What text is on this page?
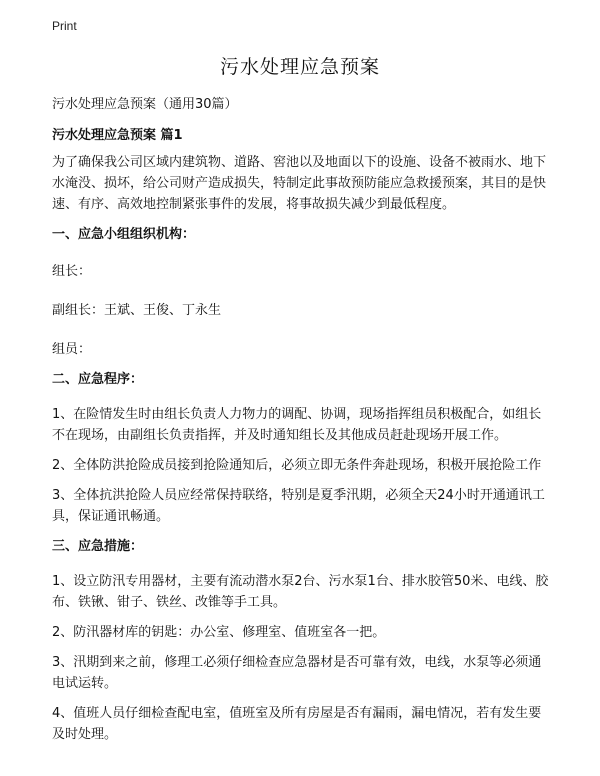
Print
污水处理应急预案
污水处理应急预案（通用30篇）
污水处理应急预案 篇1
为了确保我公司区域内建筑物、道路、窖池以及地面以下的设施、设备不被雨水、地下水淹没、损坏，给公司财产造成损失，特制定此事故预防能应急救援预案，其目的是快速、有序、高效地控制紧张事件的发展，将事故损失减少到最低程度。
一、应急小组组织机构：
组长：
副组长：王斌、王俊、丁永生
组员：
二、应急程序：
1、在险情发生时由组长负责人力物力的调配、协调，现场指挥组员积极配合，如组长不在现场，由副组长负责指挥，并及时通知组长及其他成员赶赴现场开展工作。
2、全体防洪抢险成员接到抢险通知后，必须立即无条件奔赴现场，积极开展抢险工作
3、全体抗洪抢险人员应经常保持联络，特别是夏季汛期，必须全天24小时开通通讯工具，保证通讯畅通。
三、应急措施：
1、设立防汛专用器材，主要有流动潜水泵2台、污水泵1台、排水胶管50米、电线、胶布、铁锹、钳子、铁丝、改锥等手工具。
2、防汛器材库的钥匙：办公室、修理室、值班室各一把。
3、汛期到来之前，修理工必须仔细检查应急器材是否可靠有效，电线，水泵等必须通电试运转。
4、值班人员仔细检查配电室，值班室及所有房屋是否有漏雨，漏电情况，若有发生要及时处理。
